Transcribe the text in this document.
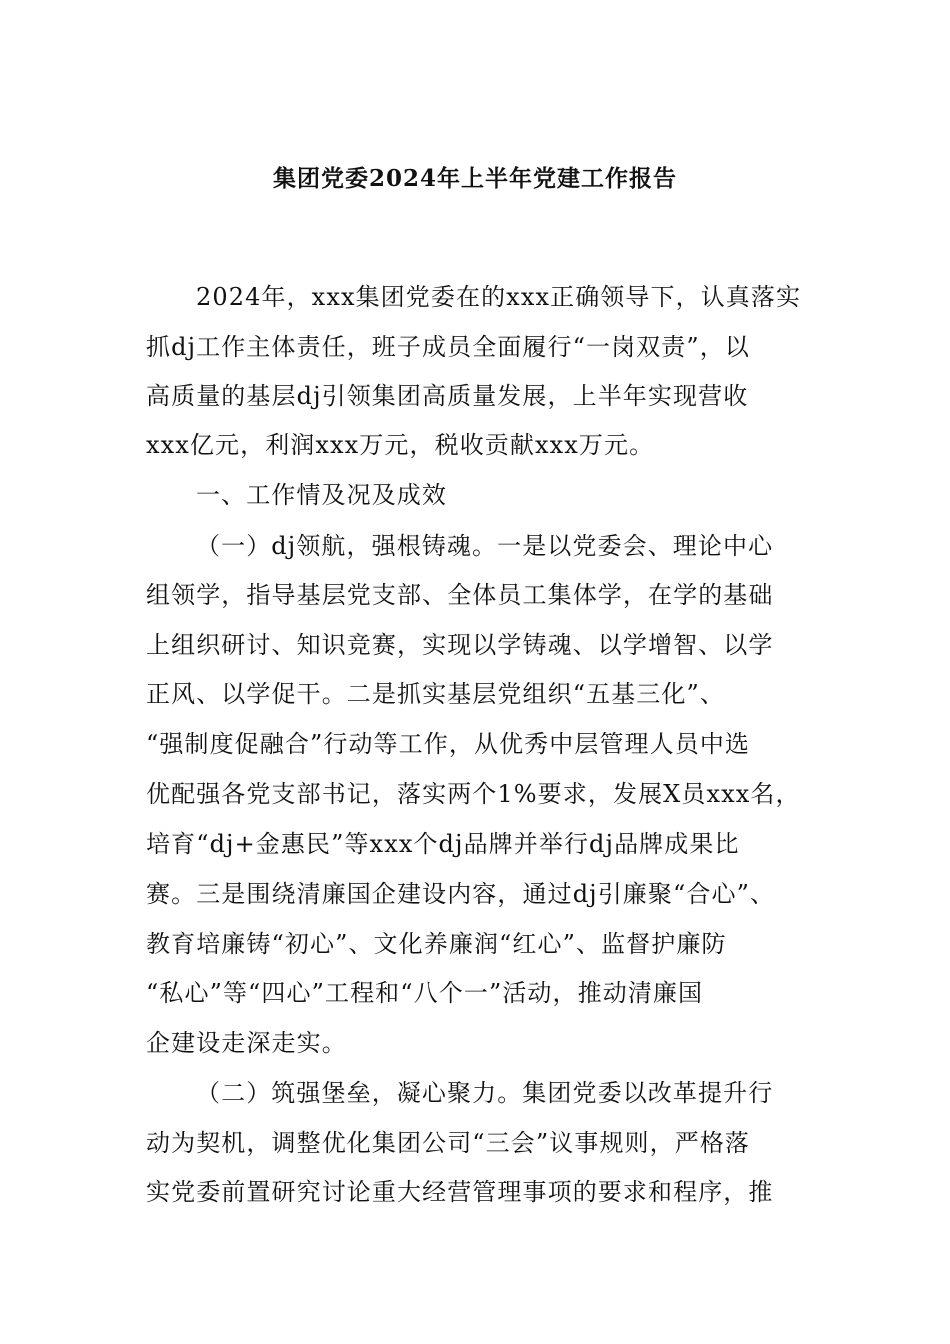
集团党委2024年上半年党建工作报告
2024年，xxx集团党委在的xxx正确领导下，认真落实
抓dj工作主体责任，班子成员全面履行“一岗双责”，以
高质量的基层dj引领集团高质量发展，上半年实现营收
xxx亿元，利润xxx万元，税收贡献xxx万元。
一、工作情及况及成效
（一）dj领航，强根铸魂。一是以党委会、理论中心
组领学，指导基层党支部、全体员工集体学，在学的基础
上组织研讨、知识竞赛，实现以学铸魂、以学增智、以学
正风、以学促干。二是抓实基层党组织“五基三化”、
“强制度促融合”行动等工作，从优秀中层管理人员中选
优配强各党支部书记，落实两个1%要求，发展X员xxx名，
培育“dj+金惠民”等xxx个dj品牌并举行dj品牌成果比
赛。三是围绕清廉国企建设内容，通过dj引廉聚“合心”、
教育培廉铸“初心”、文化养廉润“红心”、监督护廉防
“私心”等“四心”工程和“八个一”活动，推动清廉国
企建设走深走实。
（二）筑强堡垒，凝心聚力。集团党委以改革提升行
动为契机，调整优化集团公司“三会”议事规则，严格落
实党委前置研究讨论重大经营管理事项的要求和程序，推
